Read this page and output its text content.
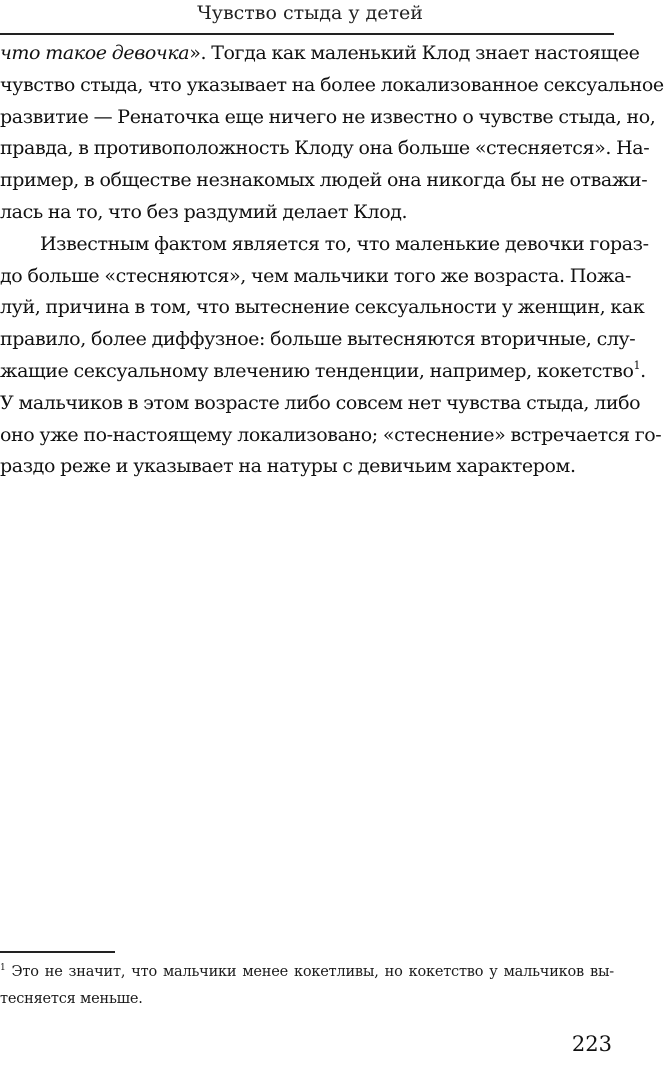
Чувство стыда у детей
что такое девочка». Тогда как маленький Клод знает настоящее
чувство стыда, что указывает на более локализованное сексуальное
развитие — Ренаточка еще ничего не известно о чувстве стыда, но,
правда, в противоположность Клоду она больше «стесняется». На-
пример, в обществе незнакомых людей она никогда бы не отважи-
лась на то, что без раздумий делает Клод.
Известным фактом является то, что маленькие девочки гораз-
до больше «стесняются», чем мальчики того же возраста. Пожа-
луй, причина в том, что вытеснение сексуальности у женщин, как
правило, более диффузное: больше вытесняются вторичные, слу-
жащие сексуальному влечению тенденции, например, кокетство$^1$.
У мальчиков в этом возрасте либо совсем нет чувства стыда, либо
оно уже по-настоящему локализовано; «стеснение» встречается го-
раздо реже и указывает на натуры с девичьим характером.
$^1$ Это не значит, что мальчики менее кокетливы, но кокетство у мальчиков вы-
тесняется меньше.
223
